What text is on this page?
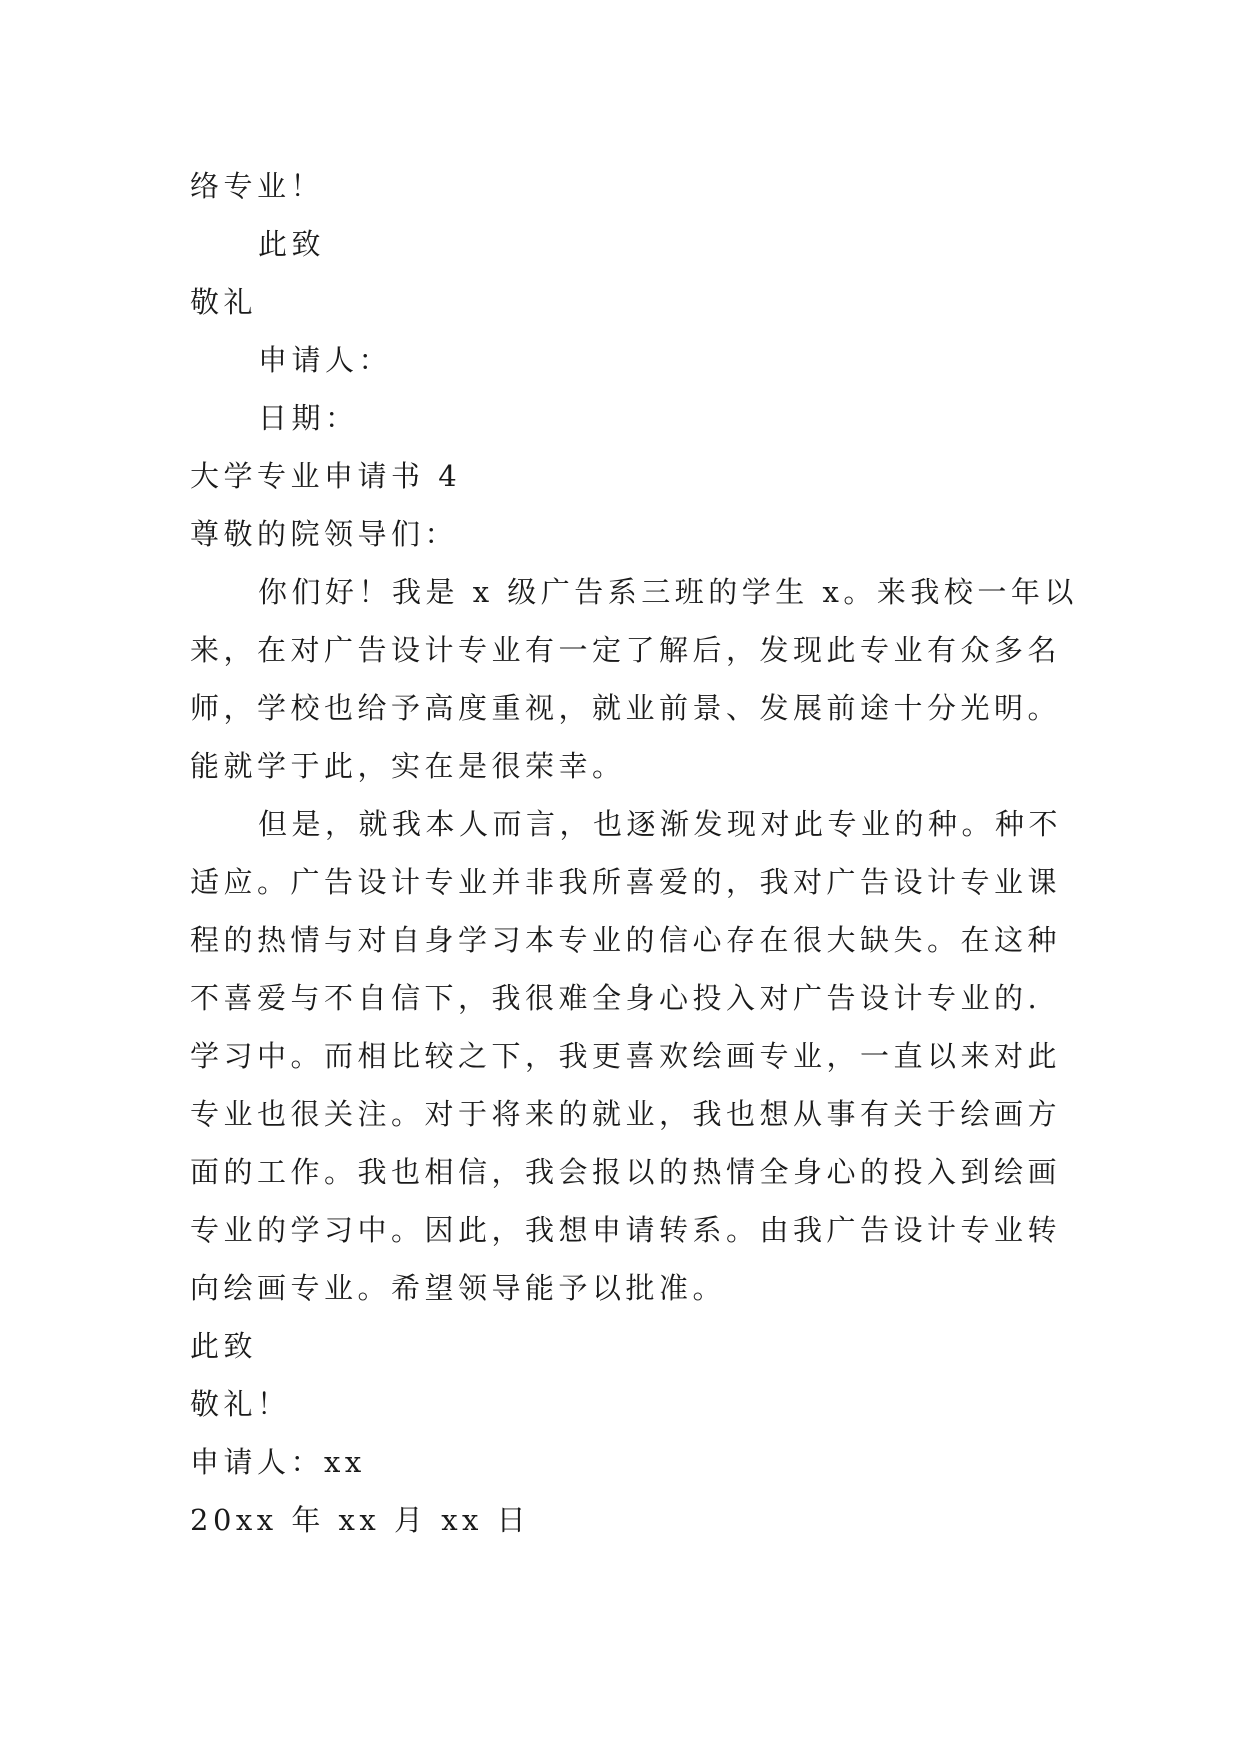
络专业！
此致
敬礼
申请人：
日期：
大学专业申请书 4
尊敬的院领导们：
你们好！我是 x 级广告系三班的学生 x。来我校一年以
来，在对广告设计专业有一定了解后，发现此专业有众多名
师，学校也给予高度重视，就业前景、发展前途十分光明。
能就学于此，实在是很荣幸。
但是，就我本人而言，也逐渐发现对此专业的种。种不
适应。广告设计专业并非我所喜爱的，我对广告设计专业课
程的热情与对自身学习本专业的信心存在很大缺失。在这种
不喜爱与不自信下，我很难全身心投入对广告设计专业的.
学习中。而相比较之下，我更喜欢绘画专业，一直以来对此
专业也很关注。对于将来的就业，我也想从事有关于绘画方
面的工作。我也相信，我会报以的热情全身心的投入到绘画
专业的学习中。因此，我想申请转系。由我广告设计专业转
向绘画专业。希望领导能予以批准。
此致
敬礼！
申请人：xx
20xx 年 xx 月 xx 日
